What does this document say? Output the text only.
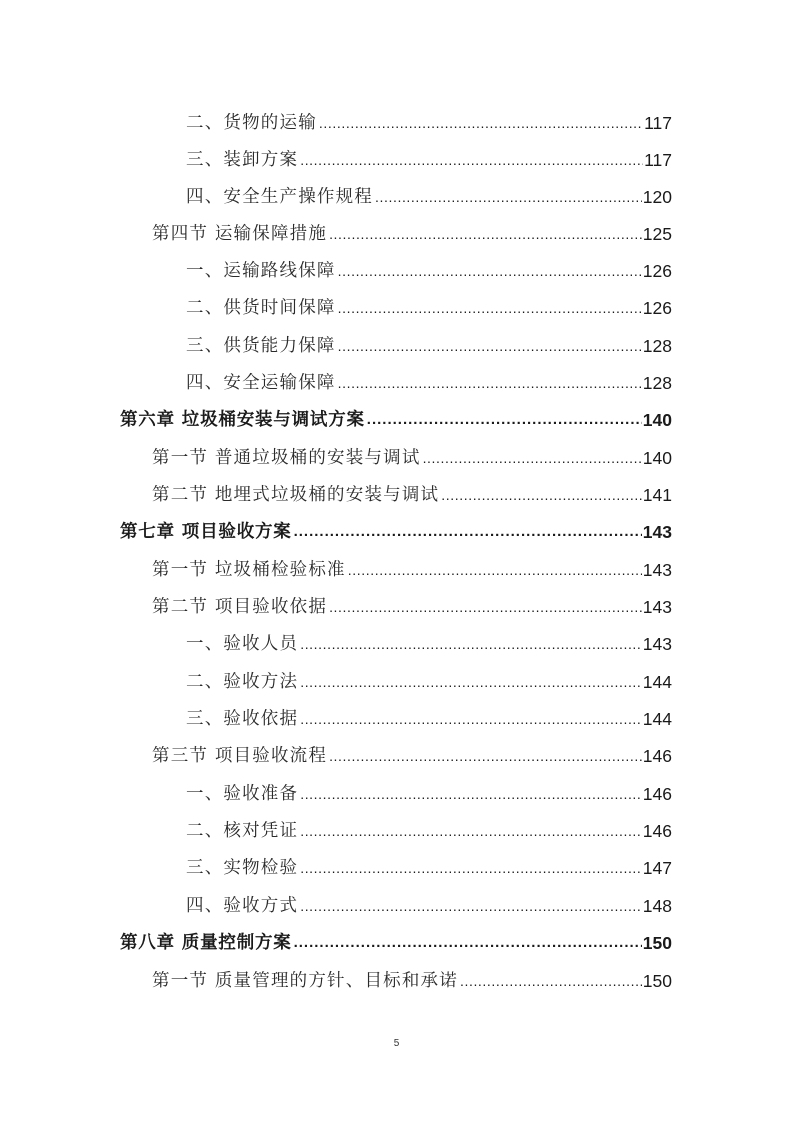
二、货物的运输 .....	117
三、装卸方案 .....	117
四、安全生产操作规程 .....	120
第四节 运输保障措施 .....	125
一、运输路线保障 .....	126
二、供货时间保障 .....	126
三、供货能力保障 .....	128
四、安全运输保障 .....	128
第六章 垃圾桶安装与调试方案 .....	140
第一节 普通垃圾桶的安装与调试 .....	140
第二节 地埋式垃圾桶的安装与调试 .....	141
第七章 项目验收方案 .....	143
第一节 垃圾桶检验标准 .....	143
第二节 项目验收依据 .....	143
一、验收人员 .....	143
二、验收方法 .....	144
三、验收依据 .....	144
第三节 项目验收流程 .....	146
一、验收准备 .....	146
二、核对凭证 .....	146
三、实物检验 .....	147
四、验收方式 .....	148
第八章 质量控制方案 .....	150
第一节 质量管理的方针、目标和承诺 .....	150
5
